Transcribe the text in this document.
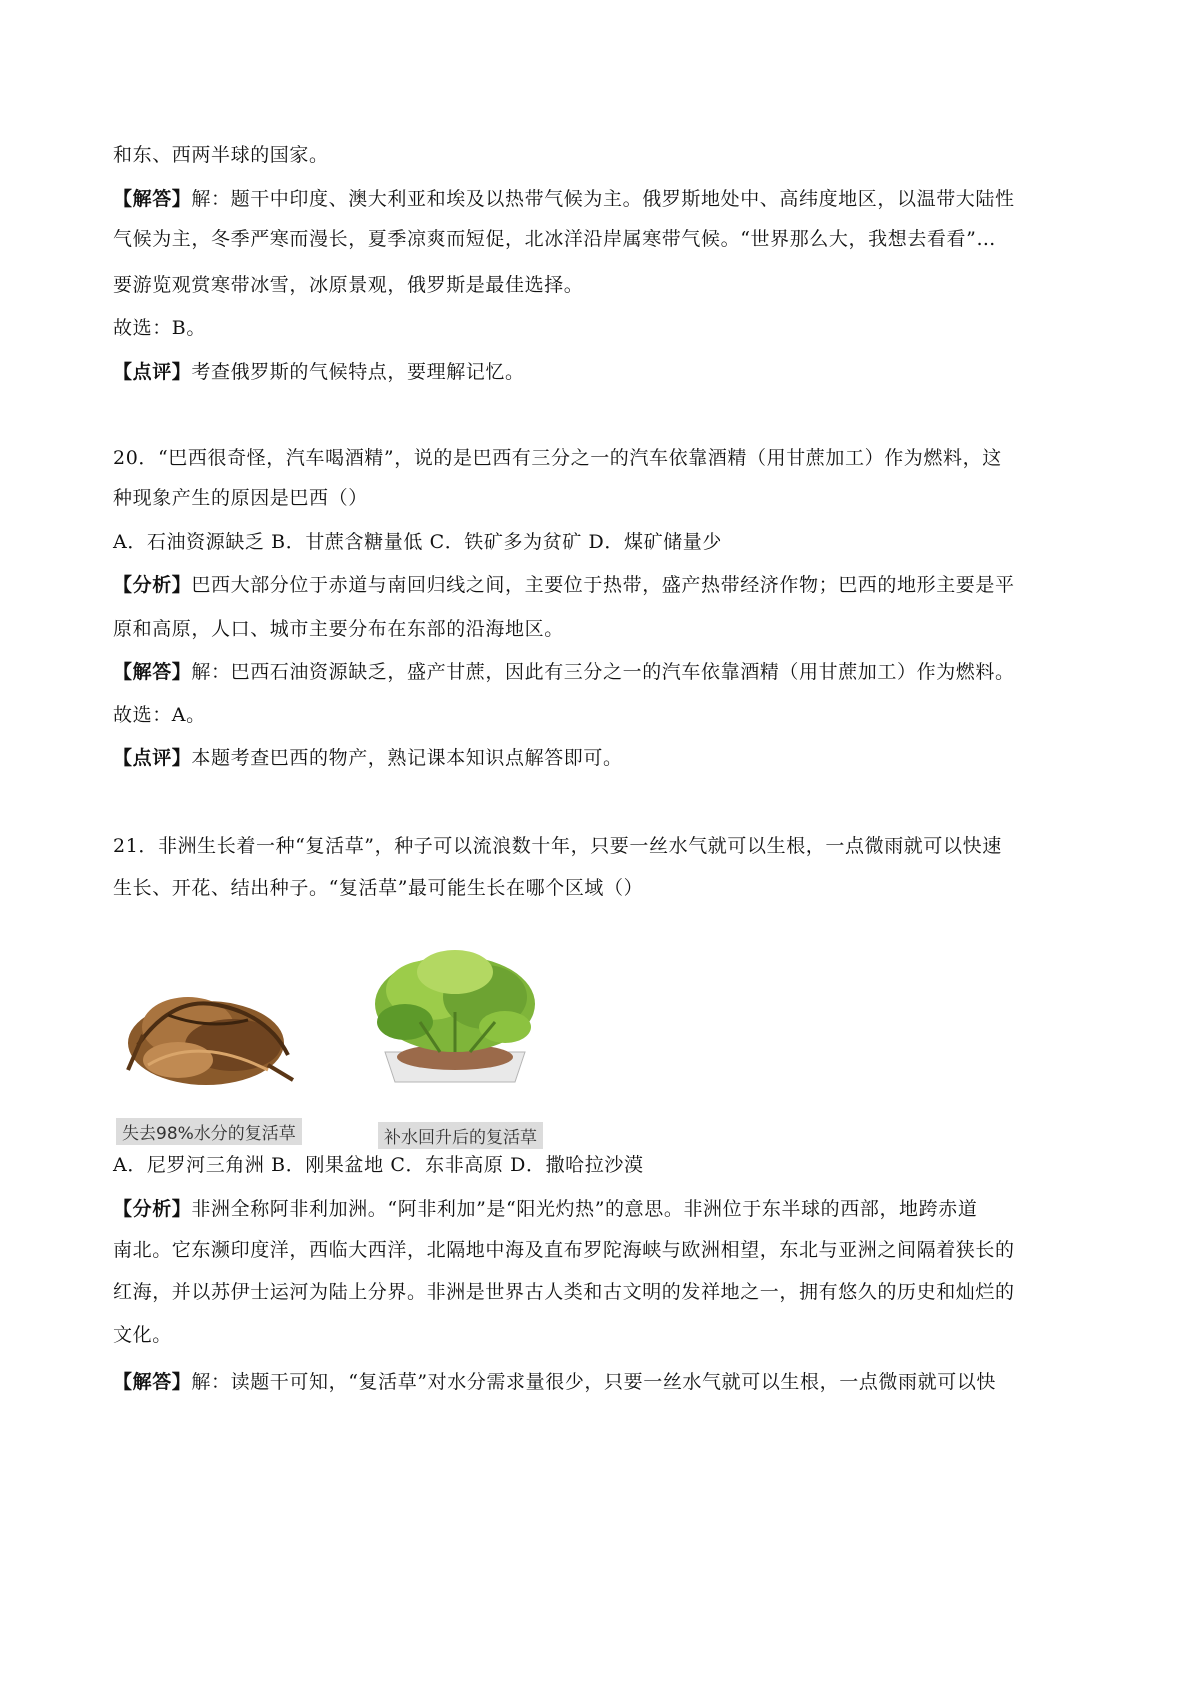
和东、西两半球的国家。
【解答】解：题干中印度、澳大利亚和埃及以热带气候为主。俄罗斯地处中、高纬度地区，以温带大陆性
气候为主，冬季严寒而漫长，夏季凉爽而短促，北冰洋沿岸属寒带气候。“世界那么大，我想去看看”…
要游览观赏寒带冰雪，冰原景观，俄罗斯是最佳选择。
故选：B。
【点评】考查俄罗斯的气候特点，要理解记忆。
20．“巴西很奇怪，汽车喝酒精”，说的是巴西有三分之一的汽车依靠酒精（用甘蔗加工）作为燃料，这
种现象产生的原因是巴西（）
A．石油资源缺乏 B．甘蔗含糖量低 C．铁矿多为贫矿 D．煤矿储量少
【分析】巴西大部分位于赤道与南回归线之间，主要位于热带，盛产热带经济作物；巴西的地形主要是平
原和高原，人口、城市主要分布在东部的沿海地区。
【解答】解：巴西石油资源缺乏，盛产甘蔗，因此有三分之一的汽车依靠酒精（用甘蔗加工）作为燃料。
故选：A。
【点评】本题考查巴西的物产，熟记课本知识点解答即可。
21．非洲生长着一种“复活草”，种子可以流浪数十年，只要一丝水气就可以生根，一点微雨就可以快速
生长、开花、结出种子。“复活草”最可能生长在哪个区域（）
A．尼罗河三角洲 B．刚果盆地 C．东非高原 D．撒哈拉沙漠
【分析】非洲全称阿非利加洲。“阿非利加”是“阳光灼热”的意思。非洲位于东半球的西部，地跨赤道
南北。它东濒印度洋，西临大西洋，北隔地中海及直布罗陀海峡与欧洲相望，东北与亚洲之间隔着狭长的
红海，并以苏伊士运河为陆上分界。非洲是世界古人类和古文明的发祥地之一，拥有悠久的历史和灿烂的
文化。
【解答】解：读题干可知，“复活草”对水分需求量很少，只要一丝水气就可以生根，一点微雨就可以快
失去98%水分的复活草	补水回升后的复活草
